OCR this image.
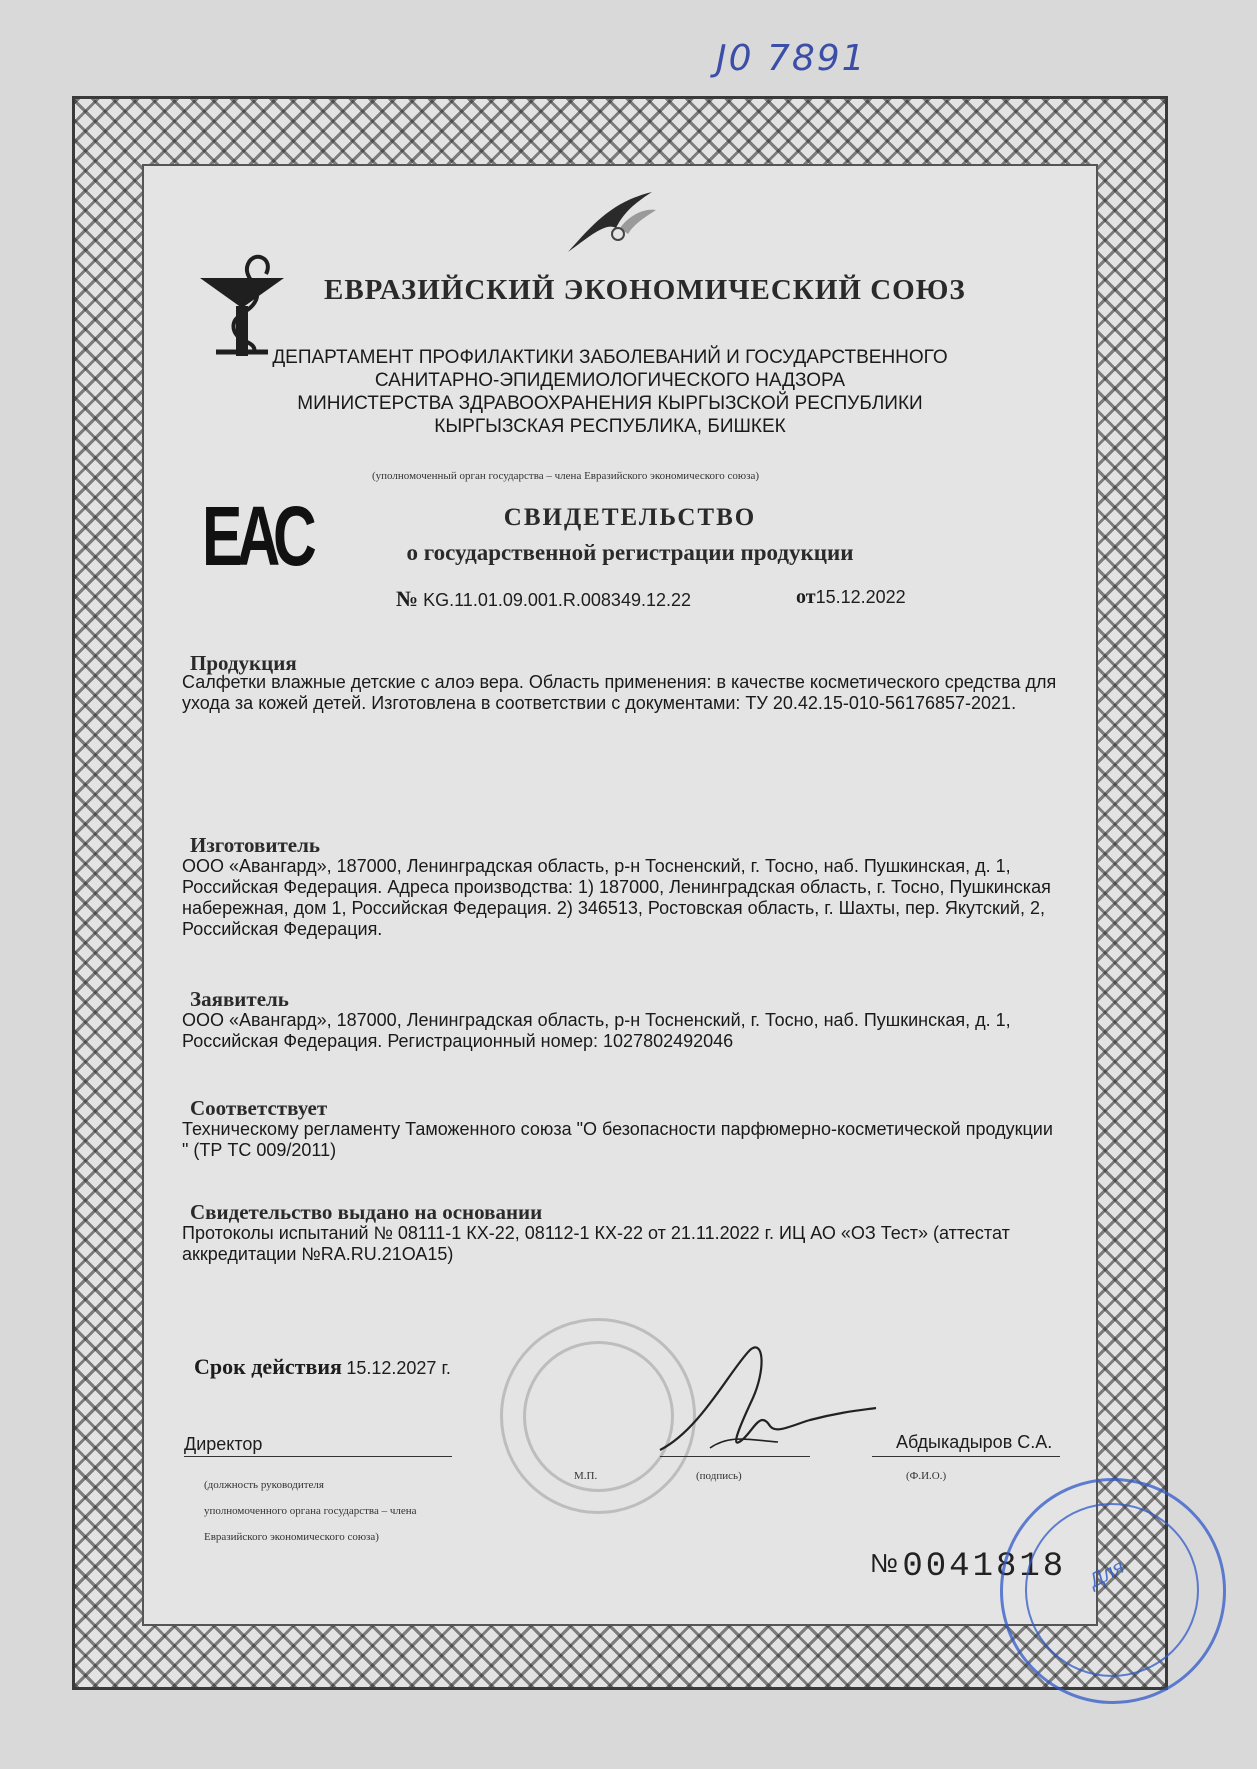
J0 7891
ЕВРАЗИЙСКИЙ ЭКОНОМИЧЕСКИЙ СОЮЗ
ДЕПАРТАМЕНТ ПРОФИЛАКТИКИ ЗАБОЛЕВАНИЙ И ГОСУДАРСТВЕННОГО
САНИТАРНО-ЭПИДЕМИОЛОГИЧЕСКОГО НАДЗОРА
МИНИСТЕРСТВА ЗДРАВООХРАНЕНИЯ КЫРГЫЗСКОЙ РЕСПУБЛИКИ
КЫРГЫЗСКАЯ РЕСПУБЛИКА, БИШКЕК
(уполномоченный орган государства – члена Евразийского экономического союза)
ЕАС	СВИДЕТЕЛЬСТВО
о государственной регистрации продукции
№ KG.11.01.09.001.R.008349.12.22	от15.12.2022
Продукция
Салфетки влажные детские с алоэ вера. Область применения: в качестве косметического средства для ухода за кожей детей. Изготовлена в соответствии с документами: ТУ 20.42.15-010-56176857-2021.
Изготовитель
ООО «Авангард», 187000, Ленинградская область, р-н Тосненский, г. Тосно, наб. Пушкинская, д. 1, Российская Федерация. Адреса производства: 1) 187000, Ленинградская область, г. Тосно, Пушкинская набережная, дом 1, Российская Федерация. 2) 346513, Ростовская область, г. Шахты, пер. Якутский, 2, Российская Федерация.
Заявитель
ООО «Авангард», 187000, Ленинградская область, р-н Тосненский, г. Тосно, наб. Пушкинская, д. 1, Российская Федерация. Регистрационный номер: 1027802492046
Соответствует
Техническому регламенту Таможенного союза "О безопасности парфюмерно-косметической продукции " (ТР ТС 009/2011)
Свидетельство выдано на основании
Протоколы испытаний № 08111-1 КХ-22, 08112-1 КХ-22 от 21.11.2022 г. ИЦ АО «ОЗ Тест» (аттестат аккредитации №RA.RU.21ОА15)
Срок действия 15.12.2027 г.
Директор	Абдыкадыров С.А.
(должность руководителя
уполномоченного органа государства – члена
Евразийского экономического союза)
М.П.	(подпись)	(Ф.И.О.)
№ 0041818 Для
